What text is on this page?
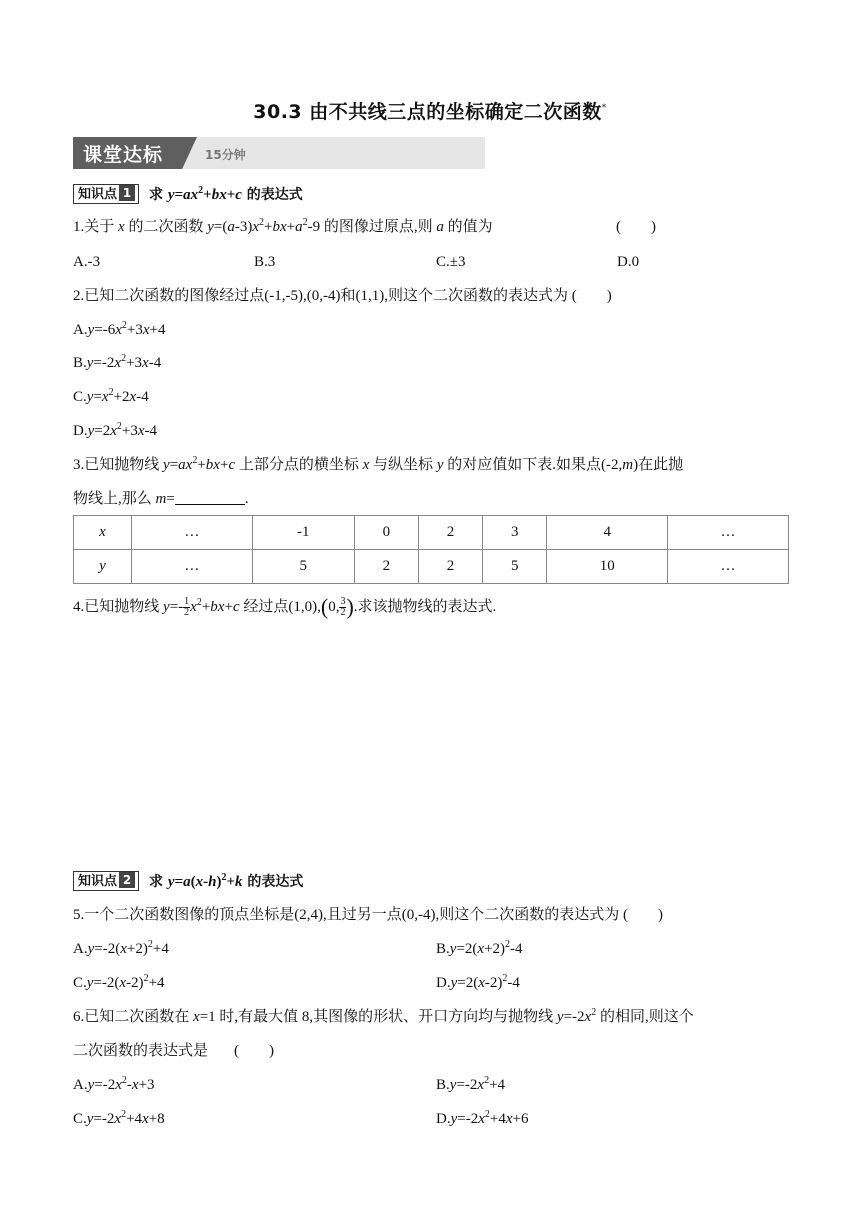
30.3 由不共线三点的坐标确定二次函数*
课堂达标	15分钟
知识点 1 求 $y=ax^2+bx+c$ 的表达式
1.关于 x 的二次函数 $y=(a-3)x^2+bx+a^2-9$ 的图像过原点,则 a 的值为	(　　)
A.-3	B.3	C.±3	D.0
2.已知二次函数的图像经过点(-1,-5),(0,-4)和(1,1),则这个二次函数的表达式为 (　　)
$A.y=-6x^2+3x+4$
$B.y=-2x^2+3x-4$
$C.y=x^2+2x-4$
$D.y=2x^2+3x-4$
3.已知抛物线 $y=ax^2+bx+c$ 上部分点的横坐标 x 与纵坐标 y 的对应值如下表.如果点(-2,m)在此抛
物线上,那么 m=	.
x	…	-1	0	2	3	4	…
y	…	5	2	2	5	10	…
4.已知抛物线 $y=- \frac{1}{2} x^2+bx+c$ 经过点(1,0),(0, $\frac{3}{2}$ ).求该抛物线的表达式.
知识点 2 求 $y=a(x-h)^2+k$ 的表达式
5.一个二次函数图像的顶点坐标是(2,4),且过另一点(0,-4),则这个二次函数的表达式为 (　　)
$A.y=-2(x+2)^2+4$	$B.y=2(x+2)^2-4$
$C.y=-2(x-2)^2+4$	$D.y=2(x-2)^2-4$
6.已知二次函数在 x=1 时,有最大值 8,其图像的形状、开口方向均与抛物线 $y=-2x^2$ 的相同,则这个
二次函数的表达式是 (　　)
$A.y=-2x^2-x+3$	$B.y=-2x^2+4$
$C.y=-2x^2+4x+8$	$D.y=-2x^2+4x+6$
